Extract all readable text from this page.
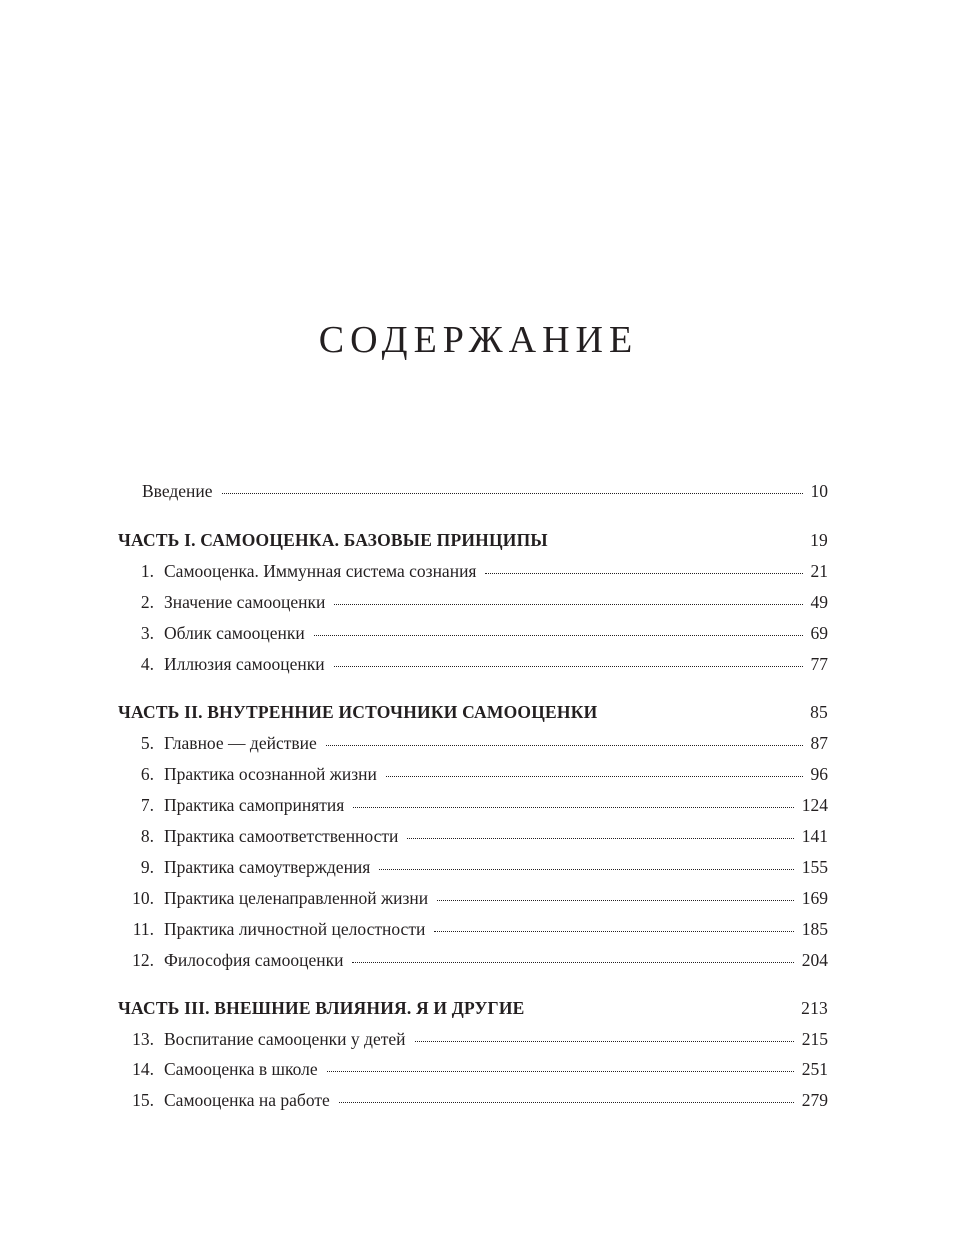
СОДЕРЖАНИЕ
Введение	10
ЧАСТЬ I. САМООЦЕНКА. БАЗОВЫЕ ПРИНЦИПЫ	19
1. Самооценка. Иммунная система сознания	21
2. Значение самооценки	49
3. Облик самооценки	69
4. Иллюзия самооценки	77
ЧАСТЬ II. ВНУТРЕННИЕ ИСТОЧНИКИ САМООЦЕНКИ	85
5. Главное — действие	87
6. Практика осознанной жизни	96
7. Практика самопринятия	124
8. Практика самоответственности	141
9. Практика самоутверждения	155
10. Практика целенаправленной жизни	169
11. Практика личностной целостности	185
12. Философия самооценки	204
ЧАСТЬ III. ВНЕШНИЕ ВЛИЯНИЯ. Я И ДРУГИЕ	213
13. Воспитание самооценки у детей	215
14. Самооценка в школе	251
15. Самооценка на работе	279
